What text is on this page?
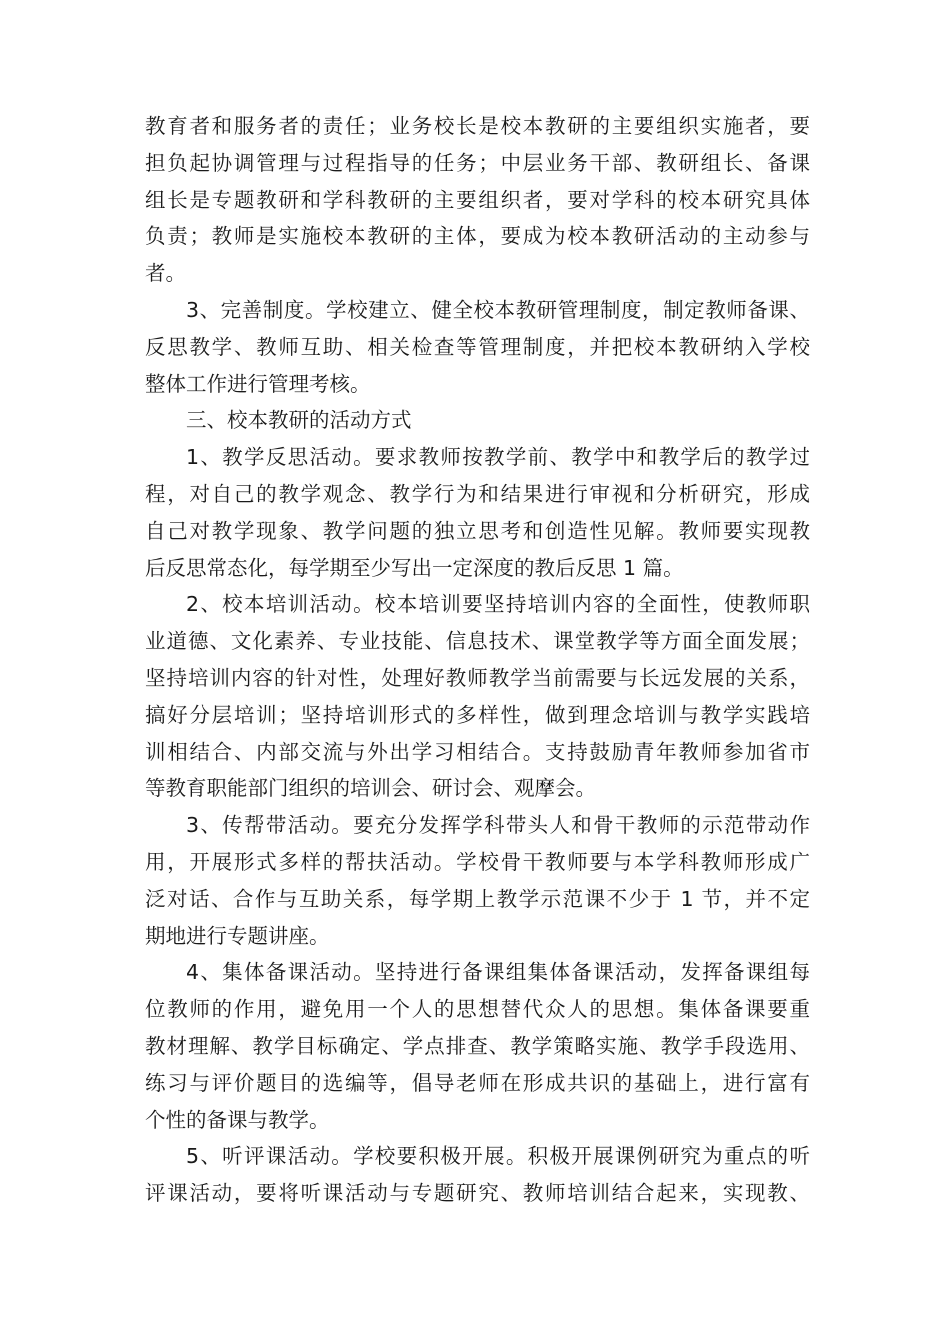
教育者和服务者的责任；业务校长是校本教研的主要组织实施者，要
担负起协调管理与过程指导的任务；中层业务干部、教研组长、备课
组长是专题教研和学科教研的主要组织者，要对学科的校本研究具体
负责；教师是实施校本教研的主体，要成为校本教研活动的主动参与
者。
3、完善制度。学校建立、健全校本教研管理制度，制定教师备课、
反思教学、教师互助、相关检查等管理制度，并把校本教研纳入学校
整体工作进行管理考核。
三、校本教研的活动方式
1、教学反思活动。要求教师按教学前、教学中和教学后的教学过
程，对自己的教学观念、教学行为和结果进行审视和分析研究，形成
自己对教学现象、教学问题的独立思考和创造性见解。教师要实现教
后反思常态化，每学期至少写出一定深度的教后反思 1 篇。
2、校本培训活动。校本培训要坚持培训内容的全面性，使教师职
业道德、文化素养、专业技能、信息技术、课堂教学等方面全面发展；
坚持培训内容的针对性，处理好教师教学当前需要与长远发展的关系，
搞好分层培训；坚持培训形式的多样性，做到理念培训与教学实践培
训相结合、内部交流与外出学习相结合。支持鼓励青年教师参加省市
等教育职能部门组织的培训会、研讨会、观摩会。
3、传帮带活动。要充分发挥学科带头人和骨干教师的示范带动作
用，开展形式多样的帮扶活动。学校骨干教师要与本学科教师形成广
泛对话、合作与互助关系，每学期上教学示范课不少于 1 节，并不定
期地进行专题讲座。
4、集体备课活动。坚持进行备课组集体备课活动，发挥备课组每
位教师的作用，避免用一个人的思想替代众人的思想。集体备课要重
教材理解、教学目标确定、学点排查、教学策略实施、教学手段选用、
练习与评价题目的选编等，倡导老师在形成共识的基础上，进行富有
个性的备课与教学。
5、听评课活动。学校要积极开展。积极开展课例研究为重点的听
评课活动，要将听课活动与专题研究、教师培训结合起来，实现教、
